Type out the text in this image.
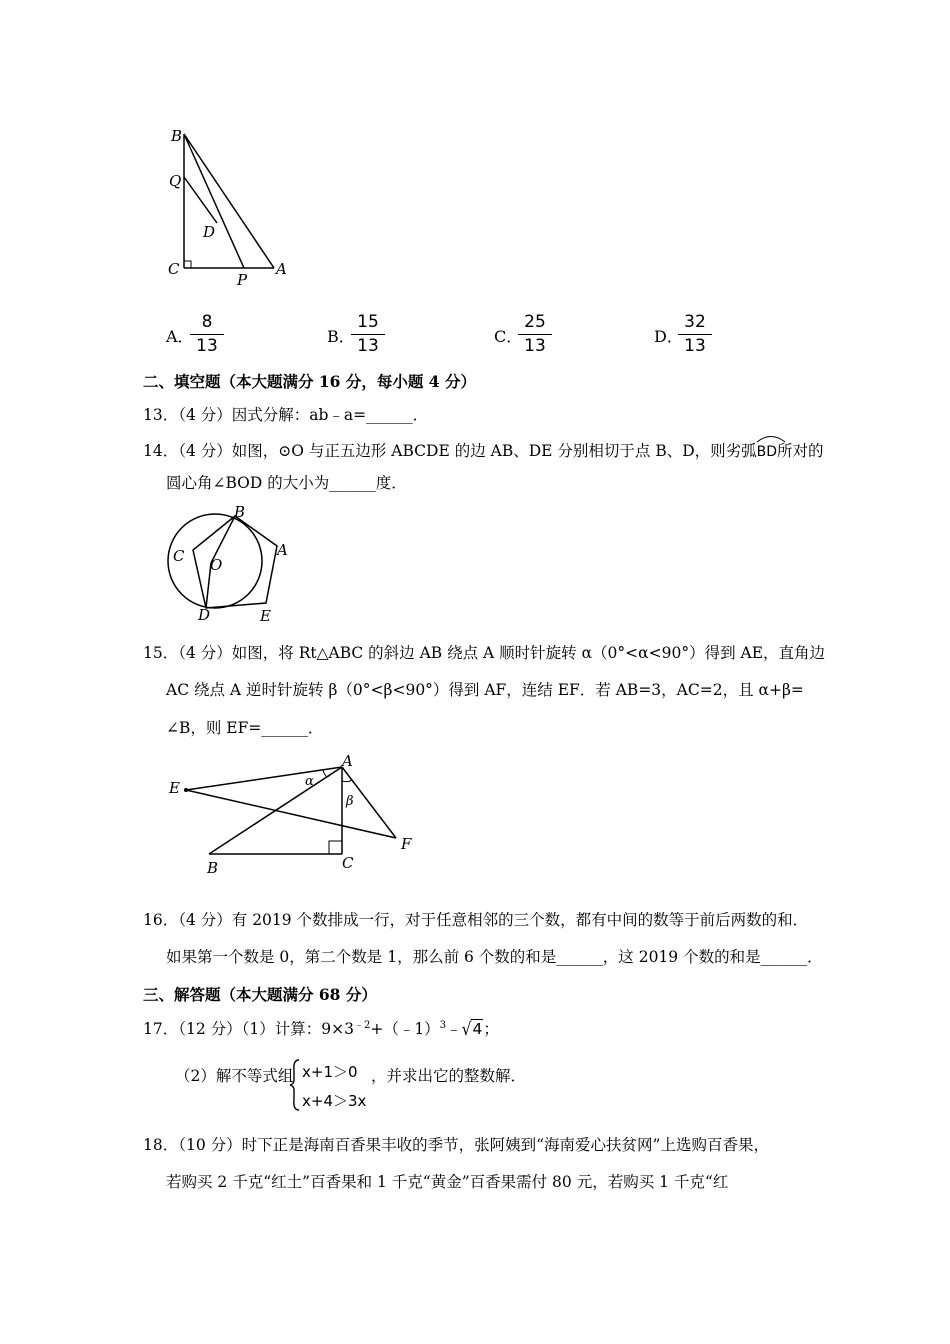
B
Q
D
C
P
A
A．
$\frac{8}{13}$	B．
$\frac{15}{13}$	C．
$\frac{25}{13}$	D．
$\frac{32}{13}$
二、填空题（本大题满分 16 分，每小题 4 分）
13．（4 分）因式分解：ab﹣a=______．
14．（4 分）如图，⊙O 与正五边形 ABCDE 的边 AB、DE 分别相切于点 B、D，则劣弧
BD所对的
圆心角∠BOD 的大小为______度．
B
C O
A
D	E
15．（4 分）如图，将 Rt△ABC 的斜边 AB 绕点 A 顺时针旋转 α（0°<α<90°）得到 AE，直角边
AC 绕点 A 逆时针旋转 β（0°<β<90°）得到 AF，连结 EF．若 AB=3，AC=2，且 α+β=
∠B，则 EF=______．
A
E	α
β
F
B	C
16．（4 分）有 2019 个数排成一行，对于任意相邻的三个数，都有中间的数等于前后两数的和．
如果第一个数是 0，第二个数是 1，那么前 6 个数的和是______，这 2019 个数的和是______．
三、解答题（本大题满分 68 分）
17．（12 分）（1）计算：$9\times 3^{﹣2}+(﹣1)^3﹣√4$；
（2）解不等式组 x+1＞0
x+4＞3x
，并求出它的整数解．
18．（10 分）时下正是海南百香果丰收的季节，张阿姨到“海南爱心扶贫网”上选购百香果，
若购买 2 千克“红土”百香果和 1 千克“黄金”百香果需付 80 元，若购买 1 千克“红
